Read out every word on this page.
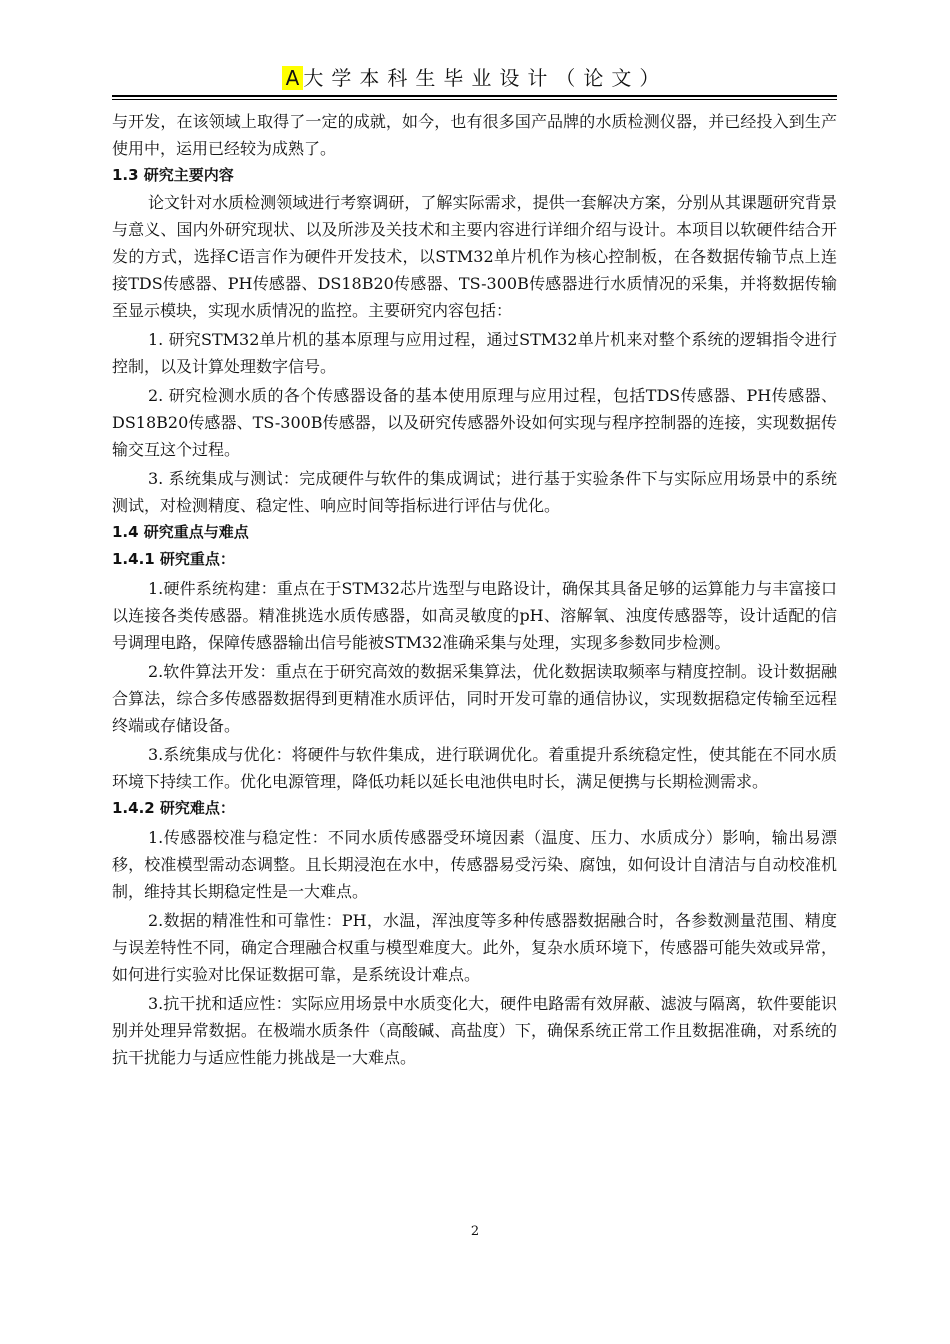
A 大学本科生毕业设计（论文）

与开发，在该领域上取得了一定的成就，如今，也有很多国产品牌的水质检测仪器，并已经投入到生产使用中，运用已经较为成熟了。

1.3 研究主要内容

论文针对水质检测领域进行考察调研，了解实际需求，提供一套解决方案，分别从其课题研究背景与意义、国内外研究现状、以及所涉及关技术和主要内容进行详细介绍与设计。本项目以软硬件结合开发的方式，选择C语言作为硬件开发技术，以STM32单片机作为核心控制板，在各数据传输节点上连接TDS传感器、PH传感器、DS18B20传感器、TS-300B传感器进行水质情况的采集，并将数据传输至显示模块，实现水质情况的监控。主要研究内容包括：

1. 研究STM32单片机的基本原理与应用过程，通过STM32单片机来对整个系统的逻辑指令进行控制，以及计算处理数字信号。

2. 研究检测水质的各个传感器设备的基本使用原理与应用过程，包括TDS传感器、PH传感器、DS18B20传感器、TS-300B传感器，以及研究传感器外设如何实现与程序控制器的连接，实现数据传输交互这个过程。

3. 系统集成与测试：完成硬件与软件的集成调试；进行基于实验条件下与实际应用场景中的系统测试，对检测精度、稳定性、响应时间等指标进行评估与优化。

1.4 研究重点与难点
1.4.1 研究重点：

1.硬件系统构建：重点在于STM32芯片选型与电路设计，确保其具备足够的运算能力与丰富接口以连接各类传感器。精准挑选水质传感器，如高灵敏度的pH、溶解氧、浊度传感器等，设计适配的信号调理电路，保障传感器输出信号能被STM32准确采集与处理，实现多参数同步检测。

2.软件算法开发：重点在于研究高效的数据采集算法，优化数据读取频率与精度控制。设计数据融合算法，综合多传感器数据得到更精准水质评估，同时开发可靠的通信协议，实现数据稳定传输至远程终端或存储设备。

3.系统集成与优化：将硬件与软件集成，进行联调优化。着重提升系统稳定性，使其能在不同水质环境下持续工作。优化电源管理，降低功耗以延长电池供电时长，满足便携与长期检测需求。

1.4.2 研究难点：

1.传感器校准与稳定性：不同水质传感器受环境因素（温度、压力、水质成分）影响，输出易漂移，校准模型需动态调整。且长期浸泡在水中，传感器易受污染、腐蚀，如何设计自清洁与自动校准机制，维持其长期稳定性是一大难点。

2.数据的精准性和可靠性：PH，水温，浑浊度等多种传感器数据融合时，各参数测量范围、精度与误差特性不同，确定合理融合权重与模型难度大。此外，复杂水质环境下，传感器可能失效或异常，如何进行实验对比保证数据可靠，是系统设计难点。

3.抗干扰和适应性：实际应用场景中水质变化大，硬件电路需有效屏蔽、滤波与隔离，软件要能识别并处理异常数据。在极端水质条件（高酸碱、高盐度）下，确保系统正常工作且数据准确，对系统的抗干扰能力与适应性能力挑战是一大难点。

2
